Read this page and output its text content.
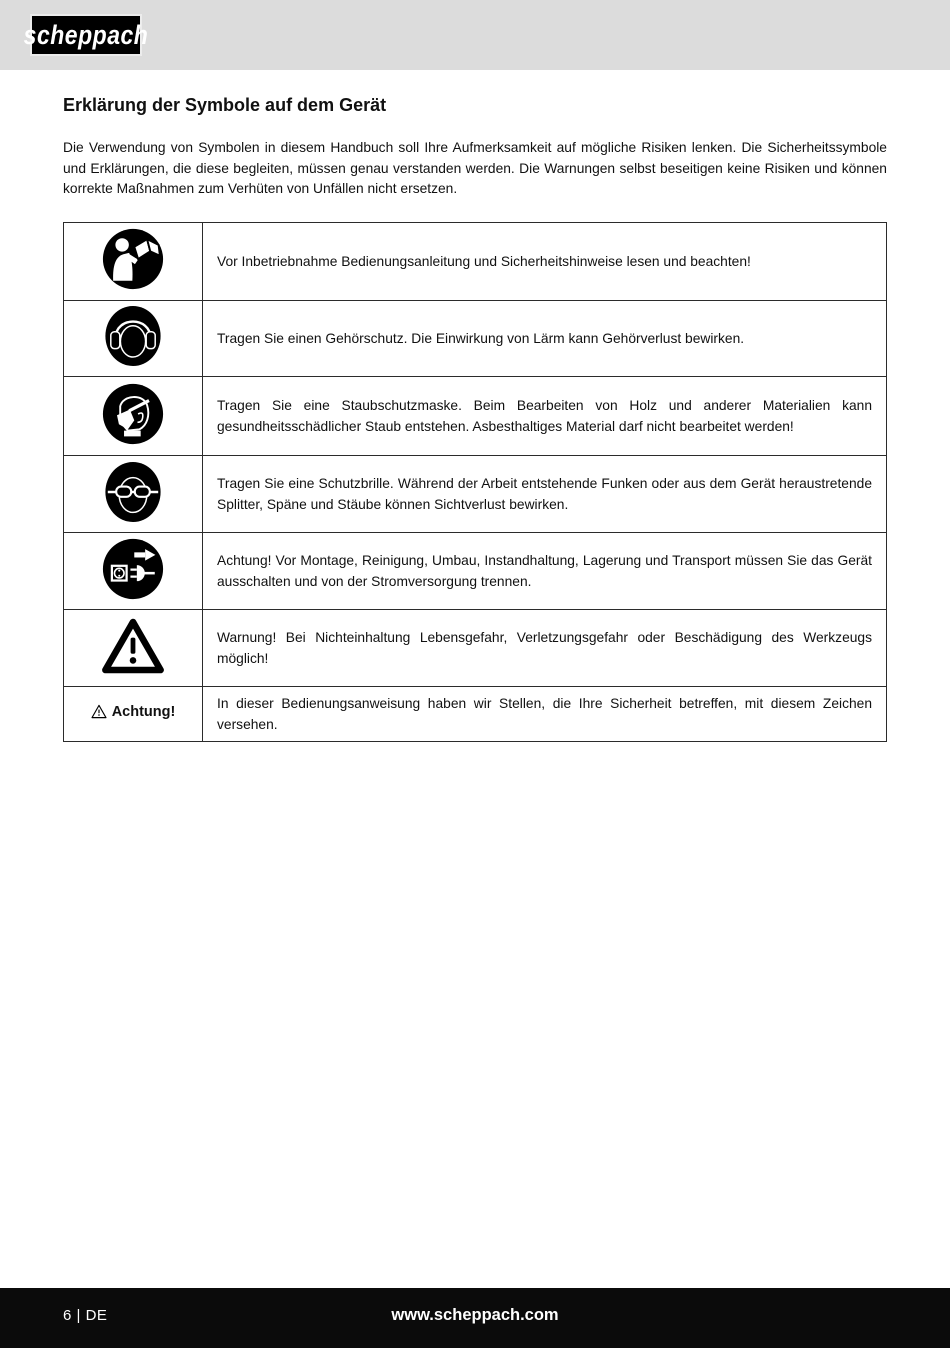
scheppach
Erklärung der Symbole auf dem Gerät

Die Verwendung von Symbolen in diesem Handbuch soll Ihre Aufmerksamkeit auf mögliche Risiken lenken. Die Sicherheitssymbole und Erklärungen, die diese begleiten, müssen genau verstanden werden. Die Warnungen selbst beseitigen keine Risiken und können korrekte Maßnahmen zum Verhüten von Unfällen nicht ersetzen.

	Vor Inbetriebnahme Bedienungsanleitung und Sicherheitshinweise lesen und beachten!
	Tragen Sie einen Gehörschutz. Die Einwirkung von Lärm kann Gehörverlust bewirken.
	Tragen Sie eine Staubschutzmaske. Beim Bearbeiten von Holz und anderer Materialien kann gesundheitsschädlicher Staub entstehen. Asbesthaltiges Material darf nicht bearbeitet werden!
	Tragen Sie eine Schutzbrille. Während der Arbeit entstehende Funken oder aus dem Gerät heraustretende Splitter, Späne und Stäube können Sichtverlust bewirken.
	Achtung! Vor Montage, Reinigung, Umbau, Instandhaltung, Lagerung und Transport müssen Sie das Gerät ausschalten und von der Stromversorgung trennen.
	Warnung! Bei Nichteinhaltung Lebensgefahr, Verletzungsgefahr oder Beschädigung des Werkzeugs möglich!

Achtung!	In dieser Bedienungsanweisung haben wir Stellen, die Ihre Sicherheit betreffen, mit diesem Zeichen versehen.
6 | DE	www.scheppach.com
